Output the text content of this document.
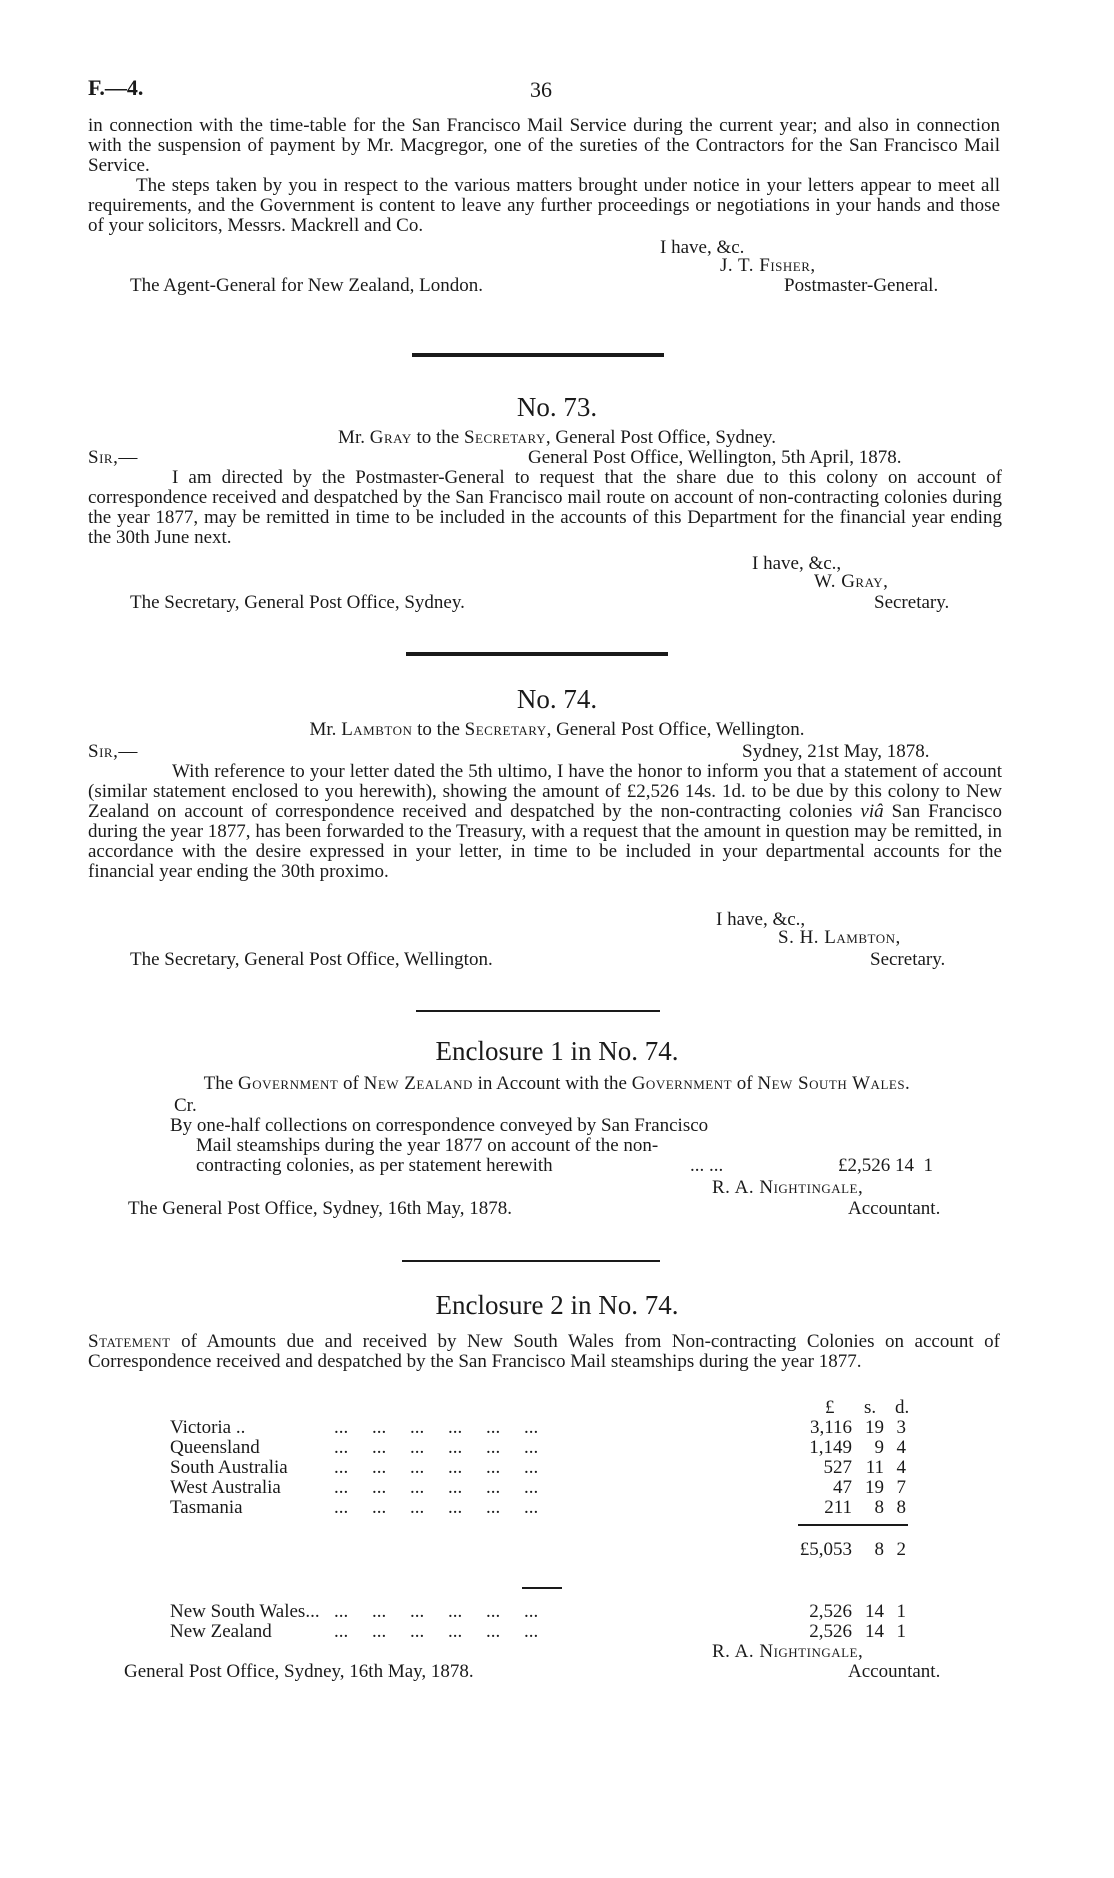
F.—4.	36
in connection with the time-table for the San Francisco Mail Service during the current year; and also in connection with the suspension of payment by Mr. Macgregor, one of the sureties of the Contractors for the San Francisco Mail Service.
The steps taken by you in respect to the various matters brought under notice in your letters appear to meet all requirements, and the Government is content to leave any further proceedings or negotiations in your hands and those of your solicitors, Messrs. Mackrell and Co.
I have, &c.
J. T. Fisher,
The Agent-General for New Zealand, London.	Postmaster-General.
No. 73.
Mr. Gray to the Secretary, General Post Office, Sydney.
Sir,—	General Post Office, Wellington, 5th April, 1878.
I am directed by the Postmaster-General to request that the share due to this colony on account of correspondence received and despatched by the San Francisco mail route on account of non-contracting colonies during the year 1877, may be remitted in time to be included in the accounts of this Department for the financial year ending the 30th June next.
I have, &c.,
W. Gray,
The Secretary, General Post Office, Sydney.	Secretary.
No. 74.
Mr. Lambton to the Secretary, General Post Office, Wellington.
Sir,—	Sydney, 21st May, 1878.
With reference to your letter dated the 5th ultimo, I have the honor to inform you that a statement of account (similar statement enclosed to you herewith), showing the amount of £2,526 14s. 1d. to be due by this colony to New Zealand on account of correspondence received and despatched by the non-contracting colonies viâ San Francisco during the year 1877, has been forwarded to the Treasury, with a request that the amount in question may be remitted, in accordance with the desire expressed in your letter, in time to be included in your departmental accounts for the financial year ending the 30th proximo.
I have, &c.,
S. H. Lambton,
The Secretary, General Post Office, Wellington.	Secretary.
Enclosure 1 in No. 74.
The Government of New Zealand in Account with the Government of New South Wales.
Cr.
By one-half collections on correspondence conveyed by San Francisco
Mail steamships during the year 1877 on account of the non-
contracting colonies, as per statement herewith	... ...	£2,526 14  1
R. A. Nightingale,
The General Post Office, Sydney, 16th May, 1878.	Accountant.
Enclosure 2 in No. 74.
Statement of Amounts due and received by New South Wales from Non-contracting Colonies on account of Correspondence received and despatched by the San Francisco Mail steamships during the year 1877.
£ s. d.
Victoria ..	...     ...     ...     ...     ...     ...	3,116 19 3
Queensland	...     ...     ...     ...     ...     ...	1,149	9 4
South Australia ...     ...     ...     ...     ...     ...	527 11 4
West Australia	...     ...     ...     ...     ...     ...	47 19 7
Tasmania	...     ...     ...     ...     ...     ...	211	8 8
£5,053	8 2
New South Wales... ...     ...     ...     ...     ...     ...	2,526 14 1
New Zealand	...     ...     ...     ...     ...     ...	2,526 14 1
R. A. Nightingale,
General Post Office, Sydney, 16th May, 1878.	Accountant.
